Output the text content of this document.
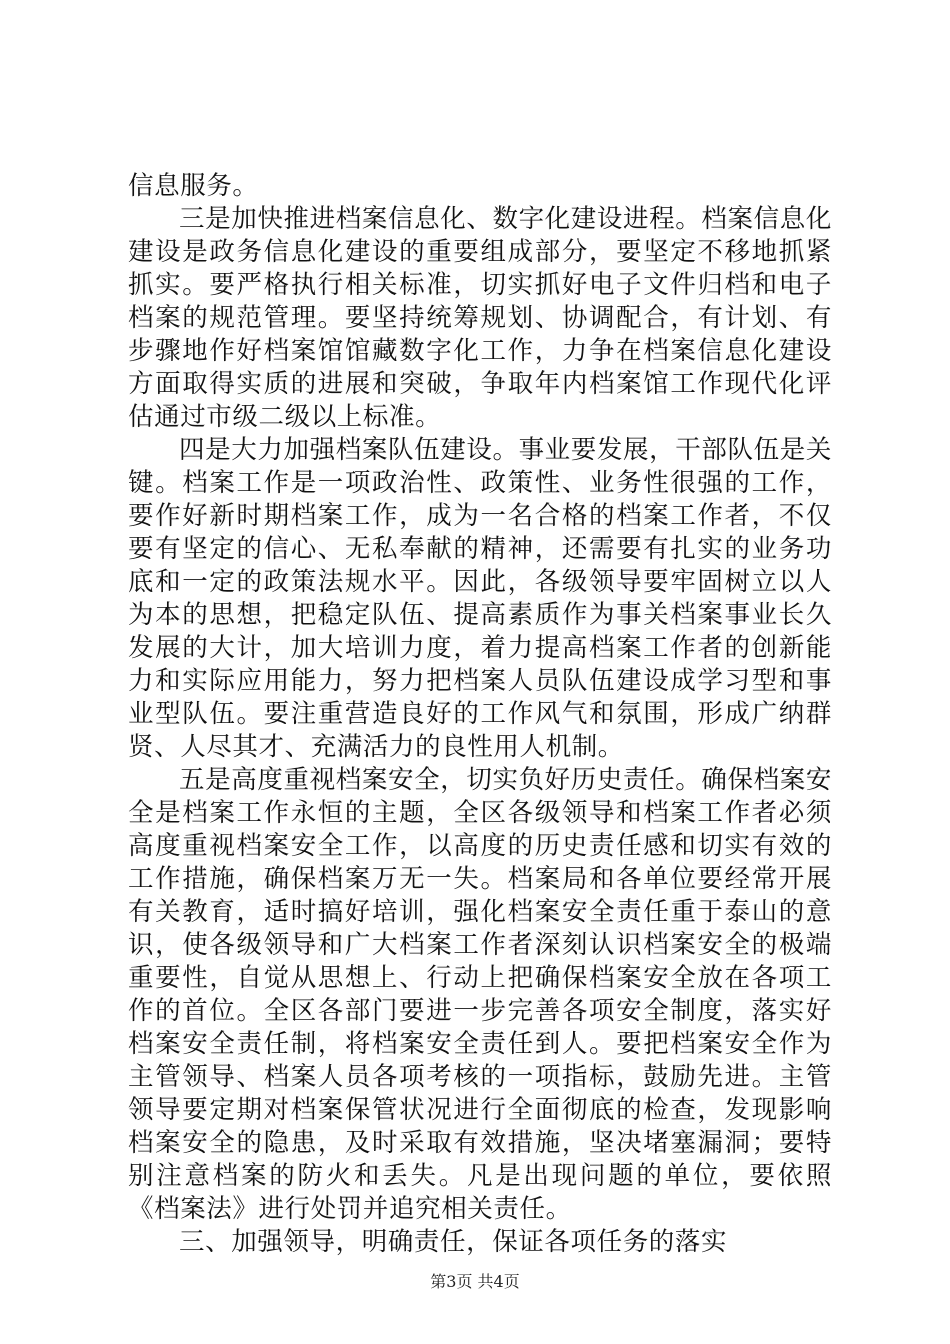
信息服务。

三是加快推进档案信息化、数字化建设进程。档案信息化建设是政务信息化建设的重要组成部分，要坚定不移地抓紧抓实。要严格执行相关标准，切实抓好电子文件归档和电子档案的规范管理。要坚持统筹规划、协调配合，有计划、有步骤地作好档案馆馆藏数字化工作，力争在档案信息化建设方面取得实质的进展和突破，争取年内档案馆工作现代化评估通过市级二级以上标准。

四是大力加强档案队伍建设。事业要发展，干部队伍是关键。档案工作是一项政治性、政策性、业务性很强的工作，要作好新时期档案工作，成为一名合格的档案工作者，不仅要有坚定的信心、无私奉献的精神，还需要有扎实的业务功底和一定的政策法规水平。因此，各级领导要牢固树立以人为本的思想，把稳定队伍、提高素质作为事关档案事业长久发展的大计，加大培训力度，着力提高档案工作者的创新能力和实际应用能力，努力把档案人员队伍建设成学习型和事业型队伍。要注重营造良好的工作风气和氛围，形成广纳群贤、人尽其才、充满活力的良性用人机制。

五是高度重视档案安全，切实负好历史责任。确保档案安全是档案工作永恒的主题，全区各级领导和档案工作者必须高度重视档案安全工作，以高度的历史责任感和切实有效的工作措施，确保档案万无一失。档案局和各单位要经常开展有关教育，适时搞好培训，强化档案安全责任重于泰山的意识，使各级领导和广大档案工作者深刻认识档案安全的极端重要性，自觉从思想上、行动上把确保档案安全放在各项工作的首位。全区各部门要进一步完善各项安全制度，落实好档案安全责任制，将档案安全责任到人。要把档案安全作为主管领导、档案人员各项考核的一项指标，鼓励先进。主管领导要定期对档案保管状况进行全面彻底的检查，发现影响档案安全的隐患，及时采取有效措施，坚决堵塞漏洞；要特别注意档案的防火和丢失。凡是出现问题的单位，要依照《档案法》进行处罚并追究相关责任。

三、加强领导，明确责任，保证各项任务的落实

第3页 共4页
